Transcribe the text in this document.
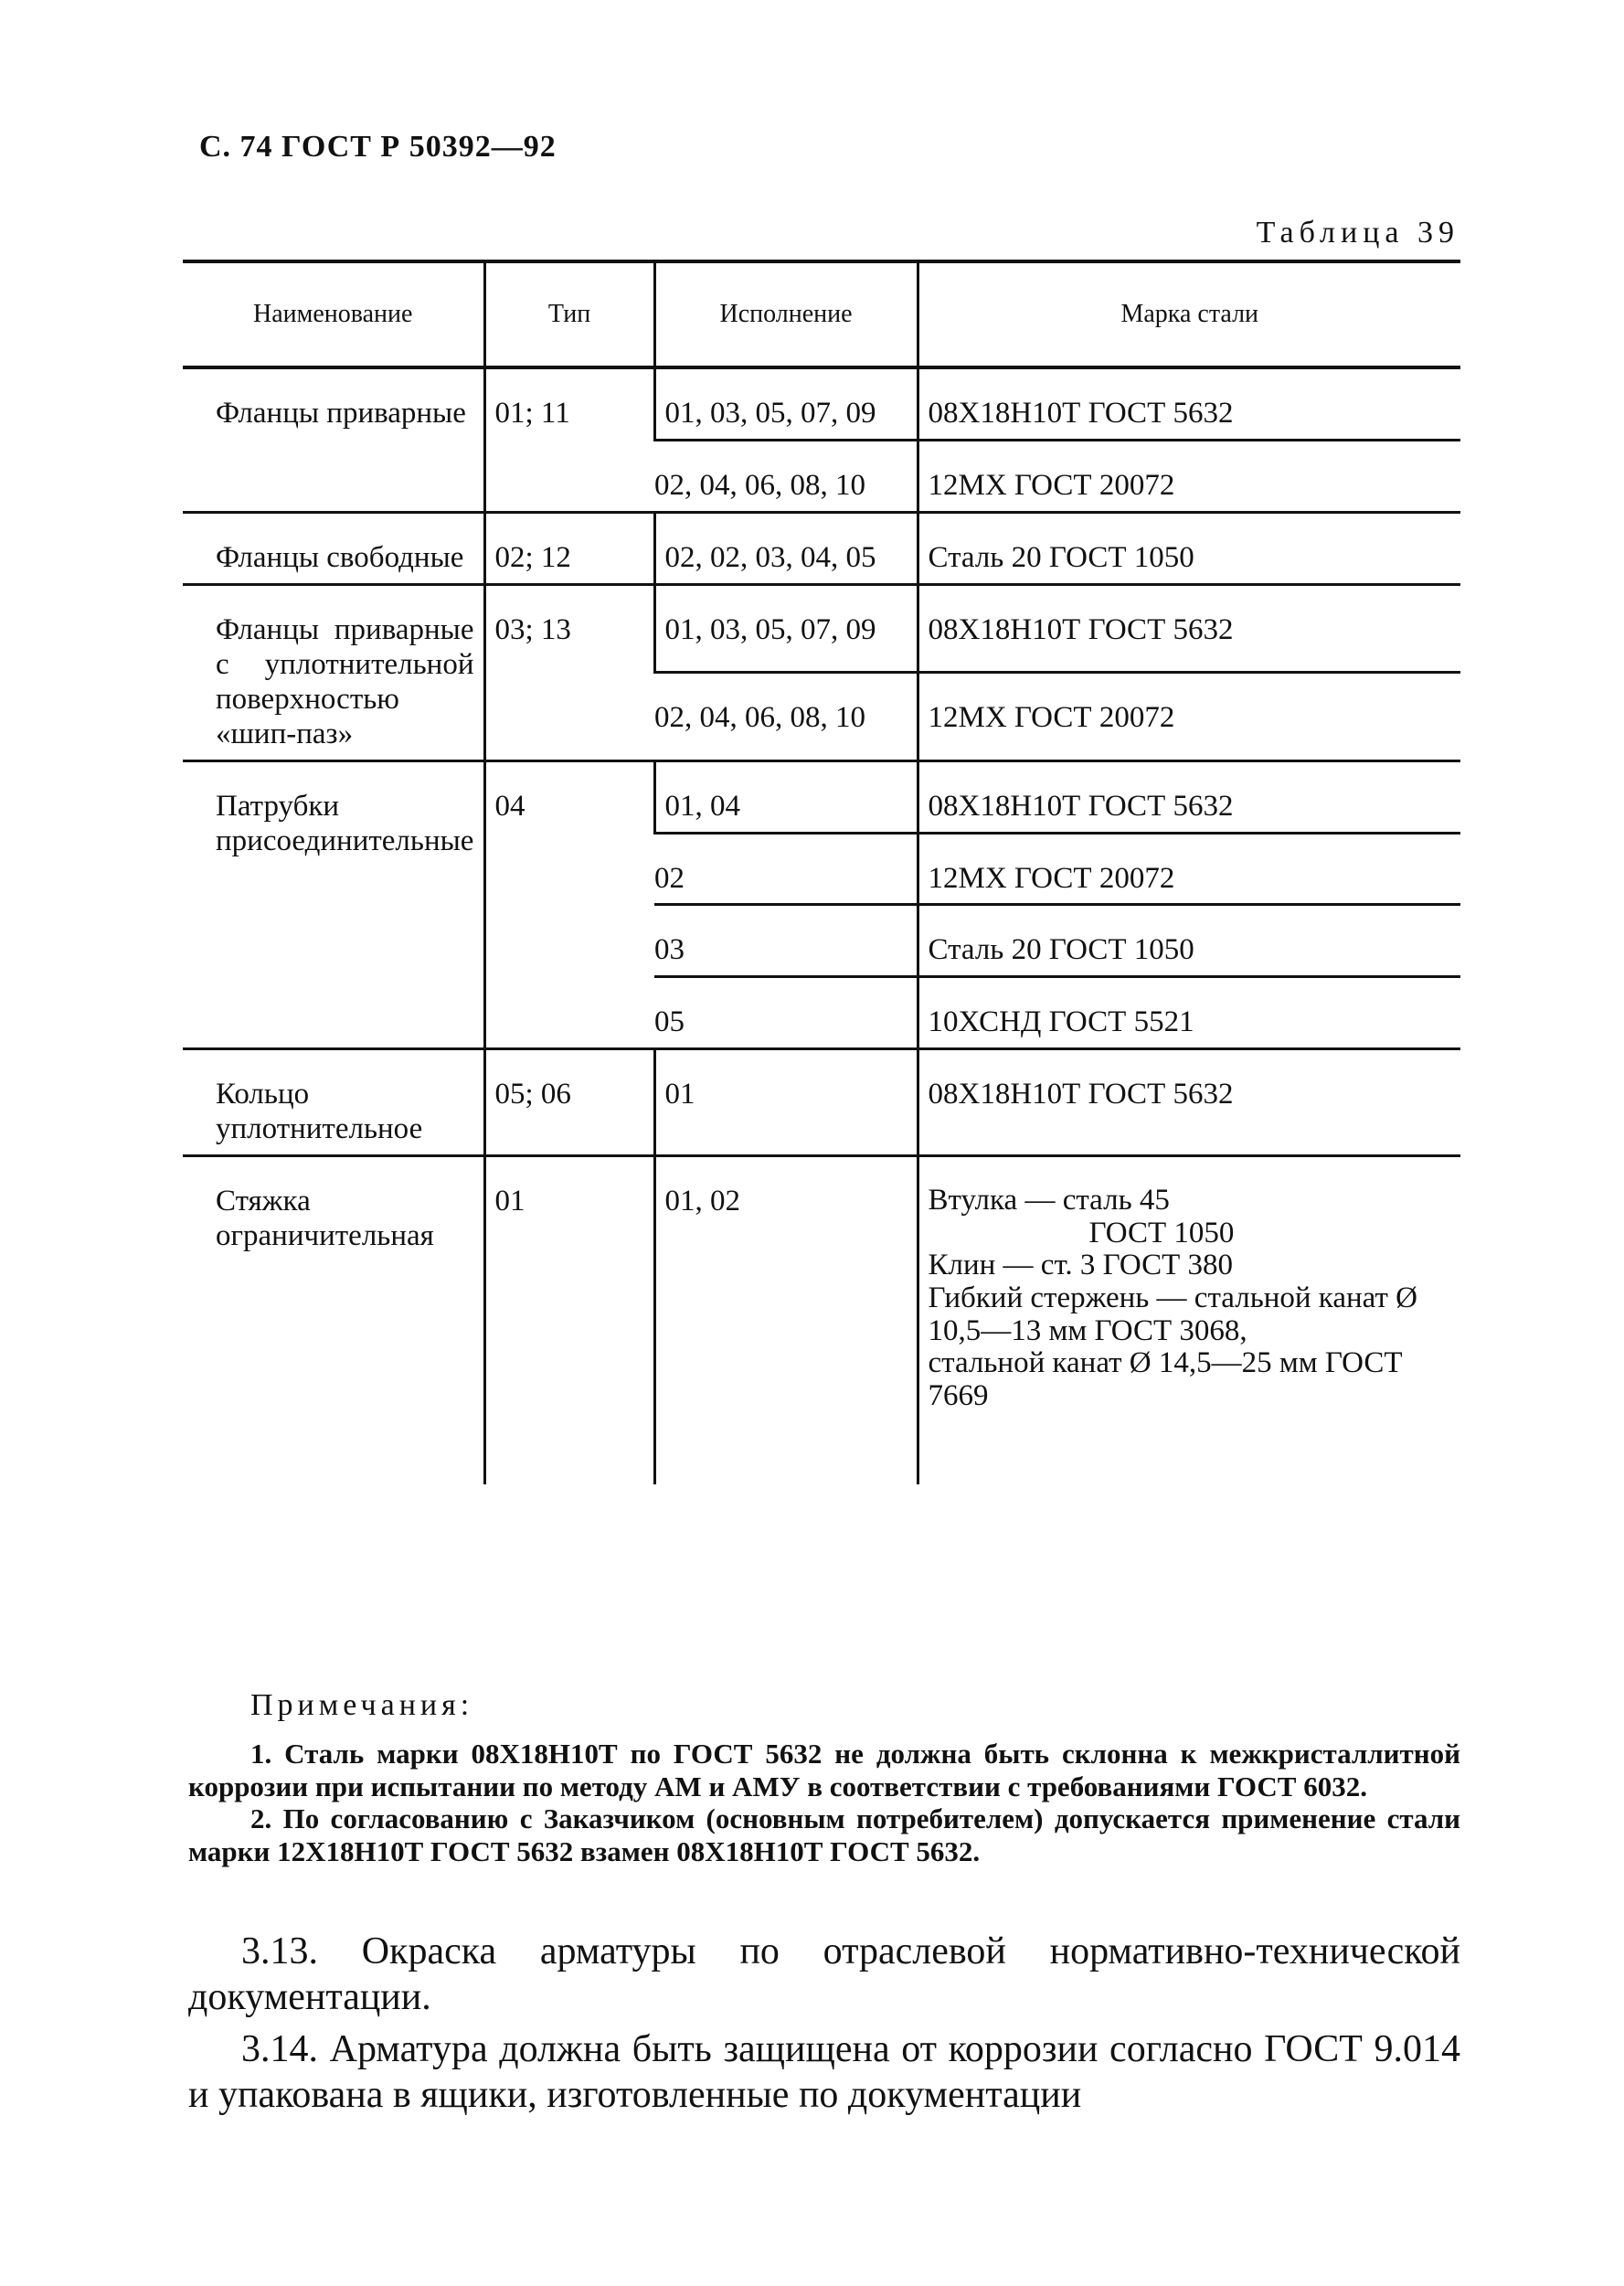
С. 74 ГОСТ Р 50392—92
Таблица 39
Наименование	Тип	Исполнение	Марка стали

Фланцы приварные	01; 11	01, 03, 05, 07, 09	08Х18Н10Т ГОСТ 5632
		02, 04, 06, 08, 10	12МХ ГОСТ 20072

Фланцы свободные	02; 12	02, 02, 03, 04, 05	Сталь 20 ГОСТ 1050

Фланцы приварные с уплотнительной поверхностью «шип-паз»	03; 13	01, 03, 05, 07, 09	08Х18Н10Т ГОСТ 5632
		02, 04, 06, 08, 10	12МХ ГОСТ 20072

Патрубки присоединительные	04	01, 04	08Х18Н10Т ГОСТ 5632
		02	12МХ ГОСТ 20072
		03	Сталь 20 ГОСТ 1050
		05	10ХСНД ГОСТ 5521

Кольцо уплотнительное	05; 06	01	08Х18Н10Т ГОСТ 5632

Стяжка ограничительная	01	01, 02	Втулка — сталь 45
ГОСТ 1050
Клин — ст. 3 ГОСТ 380
Гибкий стержень — стальной канат Ø 10,5—13 мм ГОСТ 3068,
стальной канат Ø 14,5—25 мм ГОСТ 7669
Примечания:

1. Сталь марки 08Х18Н10Т по ГОСТ 5632 не должна быть склонна к межкристаллитной коррозии при испытании по методу АМ и АМУ в соответствии с требованиями ГОСТ 6032.

2. По согласованию с Заказчиком (основным потребителем) допускается применение стали марки 12Х18Н10Т ГОСТ 5632 взамен 08Х18Н10Т ГОСТ 5632.

3.13. Окраска арматуры по отраслевой нормативно-технической документации.

3.14. Арматура должна быть защищена от коррозии согласно ГОСТ 9.014 и упакована в ящики, изготовленные по документации
